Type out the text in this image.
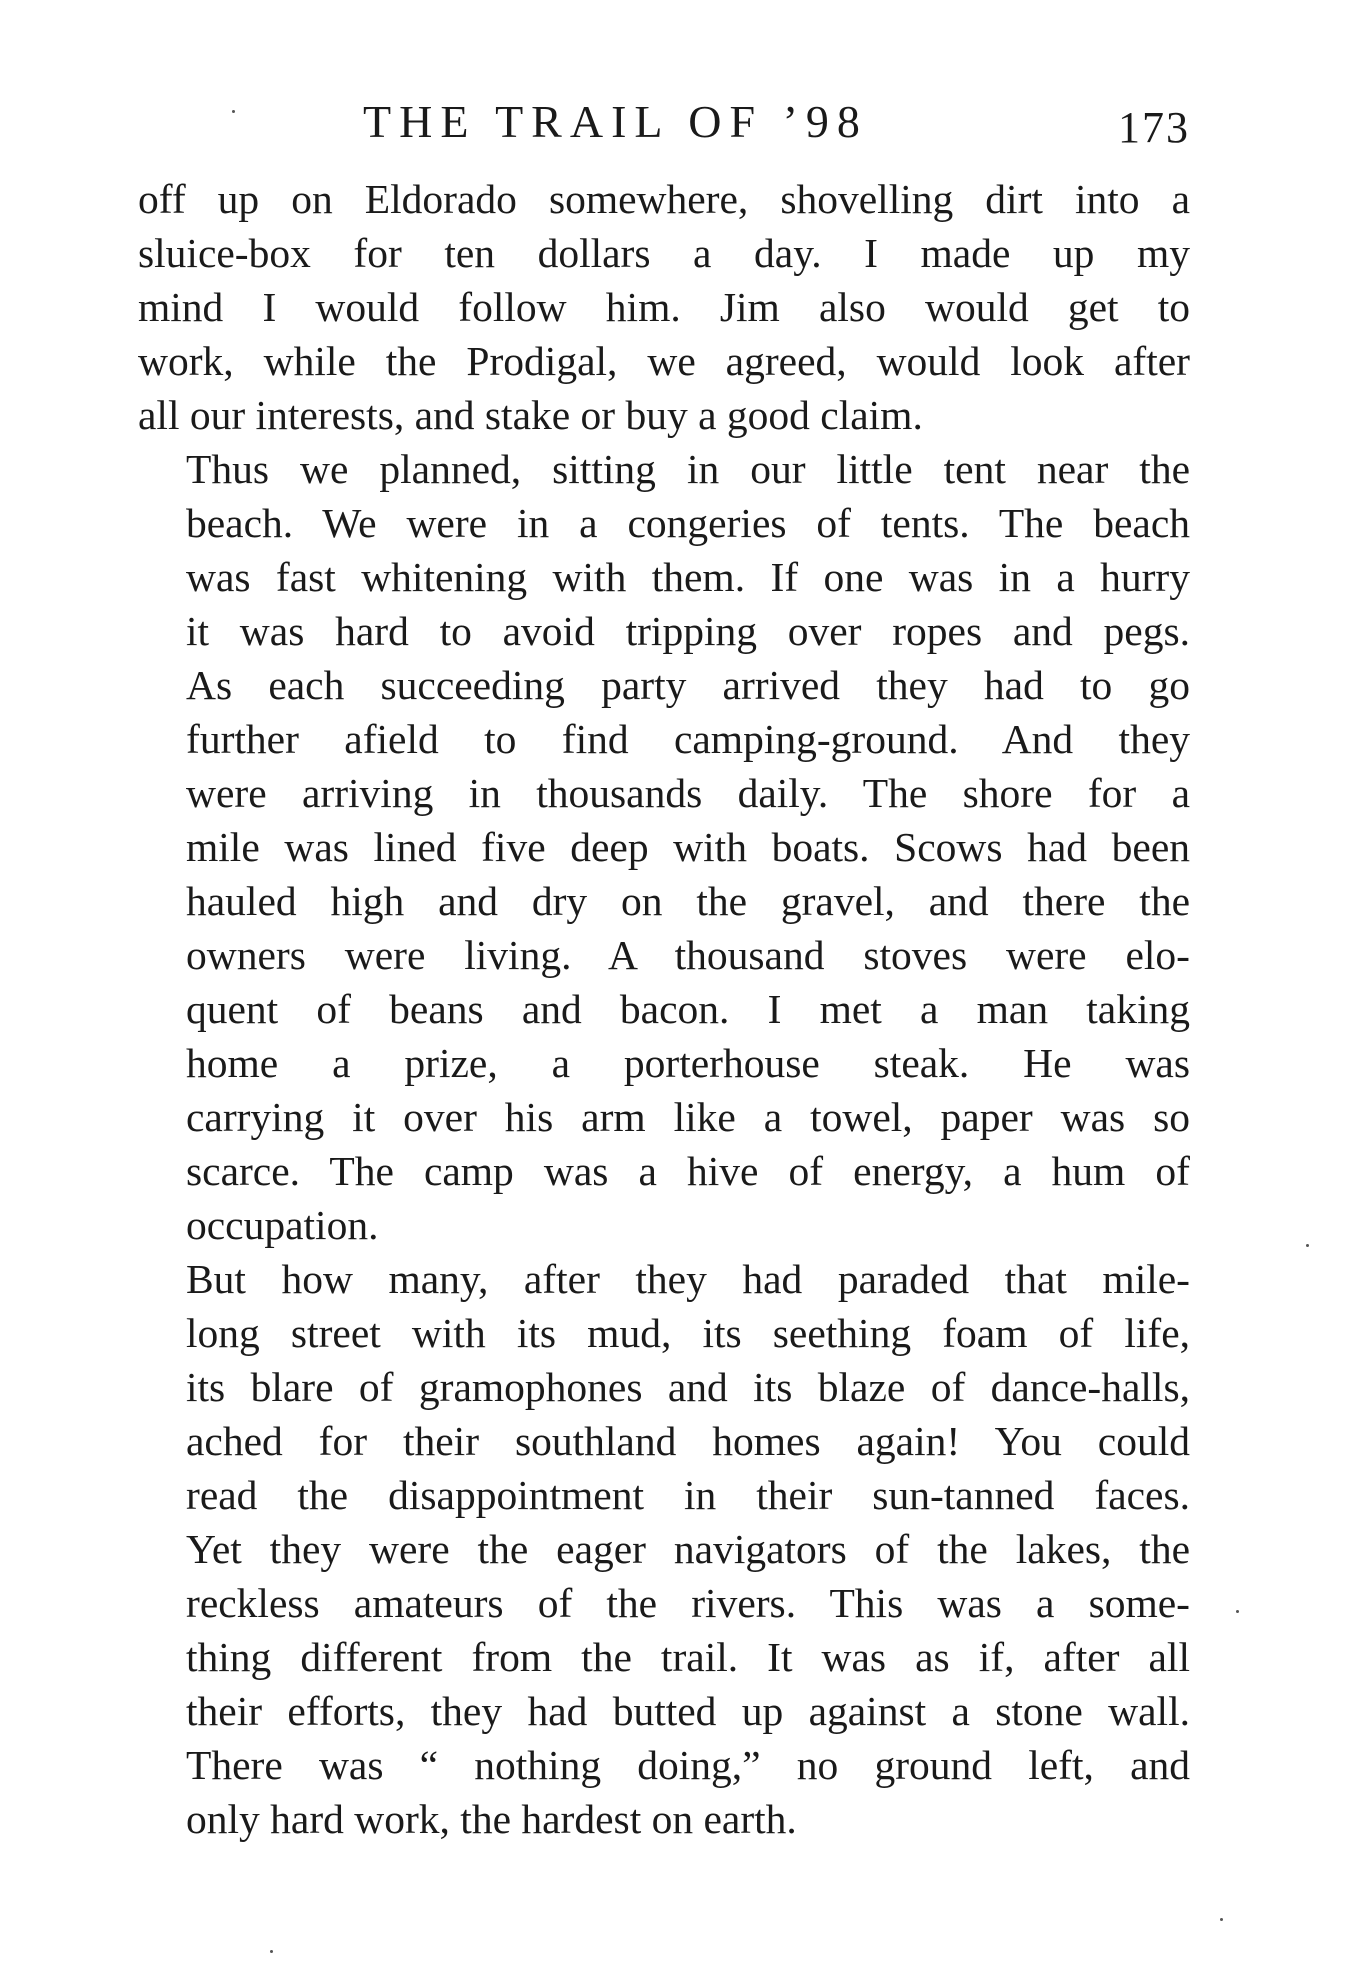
THE TRAIL OF ’98	173

off up on Eldorado somewhere, shovelling dirt into a
sluice-box for ten dollars a day. I made up my
mind I would follow him. Jim also would get to
work, while the Prodigal, we agreed, would look after
all our interests, and stake or buy a good claim.

Thus we planned, sitting in our little tent near the
beach. We were in a congeries of tents. The beach
was fast whitening with them. If one was in a hurry
it was hard to avoid tripping over ropes and pegs.
As each succeeding party arrived they had to go
further afield to find camping-ground. And they
were arriving in thousands daily. The shore for a
mile was lined five deep with boats. Scows had been
hauled high and dry on the gravel, and there the
owners were living. A thousand stoves were elo-
quent of beans and bacon. I met a man taking
home a prize, a porterhouse steak. He was
carrying it over his arm like a towel, paper was so
scarce. The camp was a hive of energy, a hum of
occupation.

But how many, after they had paraded that mile-
long street with its mud, its seething foam of life,
its blare of gramophones and its blaze of dance-halls,
ached for their southland homes again! You could
read the disappointment in their sun-tanned faces.
Yet they were the eager navigators of the lakes, the
reckless amateurs of the rivers. This was a some-
thing different from the trail. It was as if, after all
their efforts, they had butted up against a stone wall.
There was “ nothing doing,” no ground left, and
only hard work, the hardest on earth.
